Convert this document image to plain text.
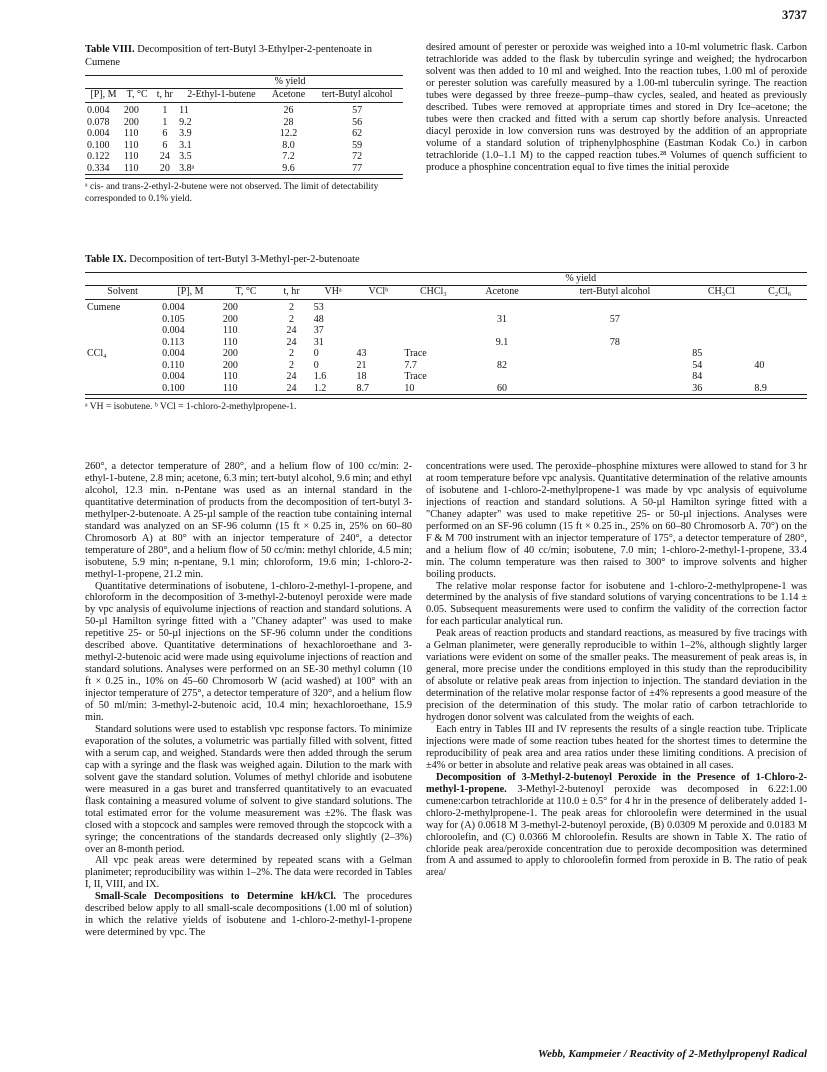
3737
Table VIII. Decomposition of tert-Butyl 3-Ethylper-2-pentenoate in Cumene
			% yield		
[P], M	T, °C	t, hr	2-Ethyl-1-butene	Acetone	tert-Butyl alcohol
0.004	200	1	11	26	57
0.078	200	1	9.2	28	56
0.004	110	6	3.9	12.2	62
0.100	110	6	3.1	8.0	59
0.122	110	24	3.5	7.2	72
0.334	110	20	3.8ᵃ	9.6	77
ᵃ cis- and trans-2-ethyl-2-butene were not observed. The limit of detectability corresponded to 0.1% yield.

desired amount of perester or peroxide was weighed into a 10-ml volumetric flask. Carbon tetrachloride was added to the flask by tuberculin syringe and weighed; the hydrocarbon solvent was then added to 10 ml and weighed. Into the reaction tubes, 1.00 ml of peroxide or perester solution was carefully measured by a 1.00-ml tuberculin syringe. The reaction tubes were degassed by three freeze–pump–thaw cycles, sealed, and heated as previously described. Tubes were removed at appropriate times and stored in Dry Ice–acetone; the tubes were then cracked and fitted with a serum cap shortly before analysis. Unreacted diacyl peroxide in low conversion runs was destroyed by the addition of an appropriate volume of a standard solution of triphenylphosphine (Eastman Kodak Co.) in carbon tetrachloride (1.0–1.1 M) to the capped reaction tubes.²⁸ Volumes of quench sufficient to produce a phosphine concentration equal to five times the initial peroxide

Table IX. Decomposition of tert-Butyl 3-Methyl-per-2-butenoate
					% yield					
Solvent	[P], M	T, °C	t, hr	VHᵃ	VClᵇ	CHCl₃	Acetone	tert-Butyl alcohol	CH₃Cl	C₂Cl₆
Cumene	0.004	200	2	53						
	0.105	200	2	48			31	57		
	0.004	110	24	37						
	0.113	110	24	31			9.1	78		
CCl₄	0.004	200	2	0	43	Trace			85	
	0.110	200	2	0	21	7.7	82		54	40
	0.004	110	24	1.6	18	Trace			84	
	0.100	110	24	1.2	8.7	10	60		36	8.9
ᵃ VH = isobutene. ᵇ VCl = 1-chloro-2-methylpropene-1.

260°, a detector temperature of 280°, and a helium flow of 100 cc/min: 2-ethyl-1-butene, 2.8 min; acetone, 6.3 min; tert-butyl alcohol, 9.6 min; and ethyl alcohol, 12.3 min. n-Pentane was used as an internal standard in the quantitative determination of products from the decomposition of tert-butyl 3-methylper-2-butenoate. A 25-µl sample of the reaction tube containing internal standard was analyzed on an SF-96 column (15 ft × 0.25 in, 25% on 60–80 Chromosorb A) at 80° with an injector temperature of 240°, a detector temperature of 280°, and a helium flow of 50 cc/min: methyl chloride, 4.5 min; isobutene, 5.9 min; n-pentane, 9.1 min; chloroform, 19.6 min; 1-chloro-2-methyl-1-propene, 21.2 min.

Quantitative determinations of isobutene, 1-chloro-2-methyl-1-propene, and chloroform in the decomposition of 3-methyl-2-butenoyl peroxide were made by vpc analysis of equivolume injections of reaction and standard solutions. A 50-µl Hamilton syringe fitted with a "Chaney adapter" was used to make repetitive 25- or 50-µl injections on the SF-96 column under the conditions described above. Quantitative determinations of hexachloroethane and 3-methyl-2-butenoic acid were made using equivolume injections of reaction and standard solutions. Analyses were performed on an SE-30 methyl column (10 ft × 0.25 in., 10% on 45–60 Chromosorb W (acid washed) at 100° with an injector temperature of 275°, a detector temperature of 320°, and a helium flow of 50 ml/min: 3-methyl-2-butenoic acid, 10.4 min; hexachloroethane, 15.9 min.

Standard solutions were used to establish vpc response factors. To minimize evaporation of the solutes, a volumetric was partially filled with solvent, fitted with a serum cap, and weighed. Standards were then added through the serum cap with a syringe and the flask was weighed again. Dilution to the mark with solvent gave the standard solution. Volumes of methyl chloride and isobutene were measured in a gas buret and transferred quantitatively to an evacuated flask containing a measured volume of solvent to give standard solutions. The total estimated error for the volume measurement was ±2%. The flask was closed with a stopcock and samples were removed through the stopcock with a syringe; the concentrations of the standards decreased only slightly (2–3%) over an 8-month period.

All vpc peak areas were determined by repeated scans with a Gelman planimeter; reproducibility was within 1–2%. The data were recorded in Tables I, II, VIII, and IX.

Small-Scale Decompositions to Determine kH/kCl. The procedures described below apply to all small-scale decompositions (1.00 ml of solution) in which the relative yields of isobutene and 1-chloro-2-methyl-1-propene were determined by vpc. The

concentrations were used. The peroxide–phosphine mixtures were allowed to stand for 3 hr at room temperature before vpc analysis. Quantitative determination of the relative amounts of isobutene and 1-chloro-2-methylpropene-1 was made by vpc analysis of equivolume injections of reaction and standard solutions. A 50-µl Hamilton syringe fitted with a "Chaney adapter" was used to make repetitive 25- or 50-µl injections. Analyses were performed on an SF-96 column (15 ft × 0.25 in., 25% on 60–80 Chromosorb A. 70°) on the F & M 700 instrument with an injector temperature of 175°, a detector temperature of 280°, and a helium flow of 40 cc/min; isobutene, 7.0 min; 1-chloro-2-methyl-1-propene, 33.4 min. The column temperature was then raised to 300° to improve solvents and higher boiling products.

The relative molar response factor for isobutene and 1-chloro-2-methylpropene-1 was determined by the analysis of five standard solutions of varying concentrations to be 1.14 ± 0.05. Subsequent measurements were used to confirm the validity of the correction factor for each particular analytical run.

Peak areas of reaction products and standard reactions, as measured by five tracings with a Gelman planimeter, were generally reproducible to within 1–2%, although slightly larger variations were evident on some of the smaller peaks. The measurement of peak areas is, in general, more precise under the conditions employed in this study than the reproducibility of absolute or relative peak areas from injection to injection. The standard deviation in the determination of the relative molar response factor of ±4% represents a good measure of the precision of the determination of this study. The molar ratio of carbon tetrachloride to hydrogen donor solvent was calculated from the weights of each.

Each entry in Tables III and IV represents the results of a single reaction tube. Triplicate injections were made of some reaction tubes heated for the shortest times to determine the reproducibility of peak area and area ratios under these limiting conditions. A precision of ±4% or better in absolute and relative peak areas was obtained in all cases.

Decomposition of 3-Methyl-2-butenoyl Peroxide in the Presence of 1-Chloro-2-methyl-1-propene. 3-Methyl-2-butenoyl peroxide was decomposed in 6.22:1.00 cumene:carbon tetrachloride at 110.0 ± 0.5° for 4 hr in the presence of deliberately added 1-chloro-2-methylpropene-1. The peak areas for chloroolefin were determined in the usual way for (A) 0.0618 M 3-methyl-2-butenoyl peroxide, (B) 0.0309 M peroxide and 0.0183 M chloroolefin, and (C) 0.0366 M chloroolefin. Results are shown in Table X. The ratio of chloride peak area/peroxide concentration due to peroxide decomposition was determined from A and assumed to apply to chloroolefin formed from peroxide in B. The ratio of peak area/

Webb, Kampmeier / Reactivity of 2-Methylpropenyl Radical
